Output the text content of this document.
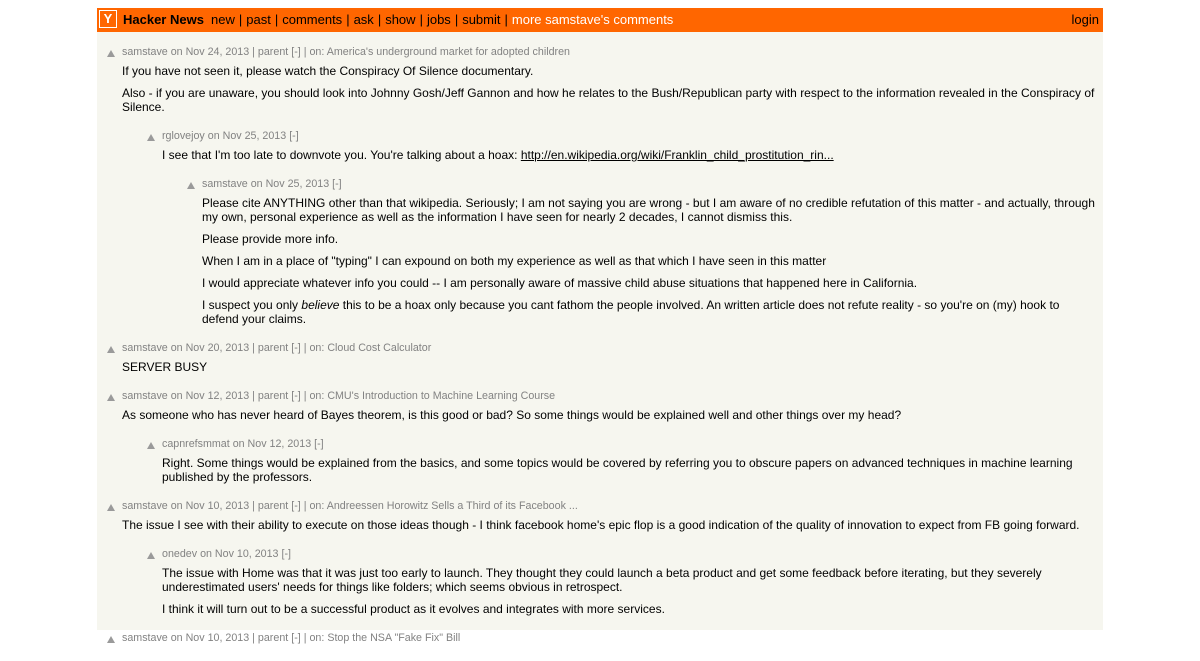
Y Hacker News new | past | comments | ask | show | jobs | submit | more samstave's comments	login
samstave on Nov 24, 2013 | parent [-] | on: America's underground market for adopted children

If you have not seen it, please watch the Conspiracy Of Silence documentary.

Also - if you are unaware, you should look into Johnny Gosh/Jeff Gannon and how he relates to the Bush/Republican party with respect to the information revealed in the Conspiracy of Silence.

rglovejoy on Nov 25, 2013 [-]

I see that I'm too late to downvote you. You're talking about a hoax: http://en.wikipedia.org/wiki/Franklin_child_prostitution_rin...

samstave on Nov 25, 2013 [-]

Please cite ANYTHING other than that wikipedia. Seriously; I am not saying you are wrong - but I am aware of no credible refutation of this matter - and actually, through my own, personal experience as well as the information I have seen for nearly 2 decades, I cannot dismiss this.

Please provide more info.

When I am in a place of "typing" I can expound on both my experience as well as that which I have seen in this matter

I would appreciate whatever info you could -- I am personally aware of massive child abuse situations that happened here in California.

I suspect you only believe this to be a hoax only because you cant fathom the people involved. An written article does not refute reality - so you're on (my) hook to defend your claims.

samstave on Nov 20, 2013 | parent [-] | on: Cloud Cost Calculator

SERVER BUSY

samstave on Nov 12, 2013 | parent [-] | on: CMU's Introduction to Machine Learning Course

As someone who has never heard of Bayes theorem, is this good or bad? So some things would be explained well and other things over my head?

capnrefsmmat on Nov 12, 2013 [-]

Right. Some things would be explained from the basics, and some topics would be covered by referring you to obscure papers on advanced techniques in machine learning published by the professors.

samstave on Nov 10, 2013 | parent [-] | on: Andreessen Horowitz Sells a Third of its Facebook ...

The issue I see with their ability to execute on those ideas though - I think facebook home's epic flop is a good indication of the quality of innovation to expect from FB going forward.

onedev on Nov 10, 2013 [-]

The issue with Home was that it was just too early to launch. They thought they could launch a beta product and get some feedback before iterating, but they severely underestimated users' needs for things like folders; which seems obvious in retrospect.

I think it will turn out to be a successful product as it evolves and integrates with more services.

samstave on Nov 10, 2013 | parent [-] | on: Stop the NSA "Fake Fix" Bill
